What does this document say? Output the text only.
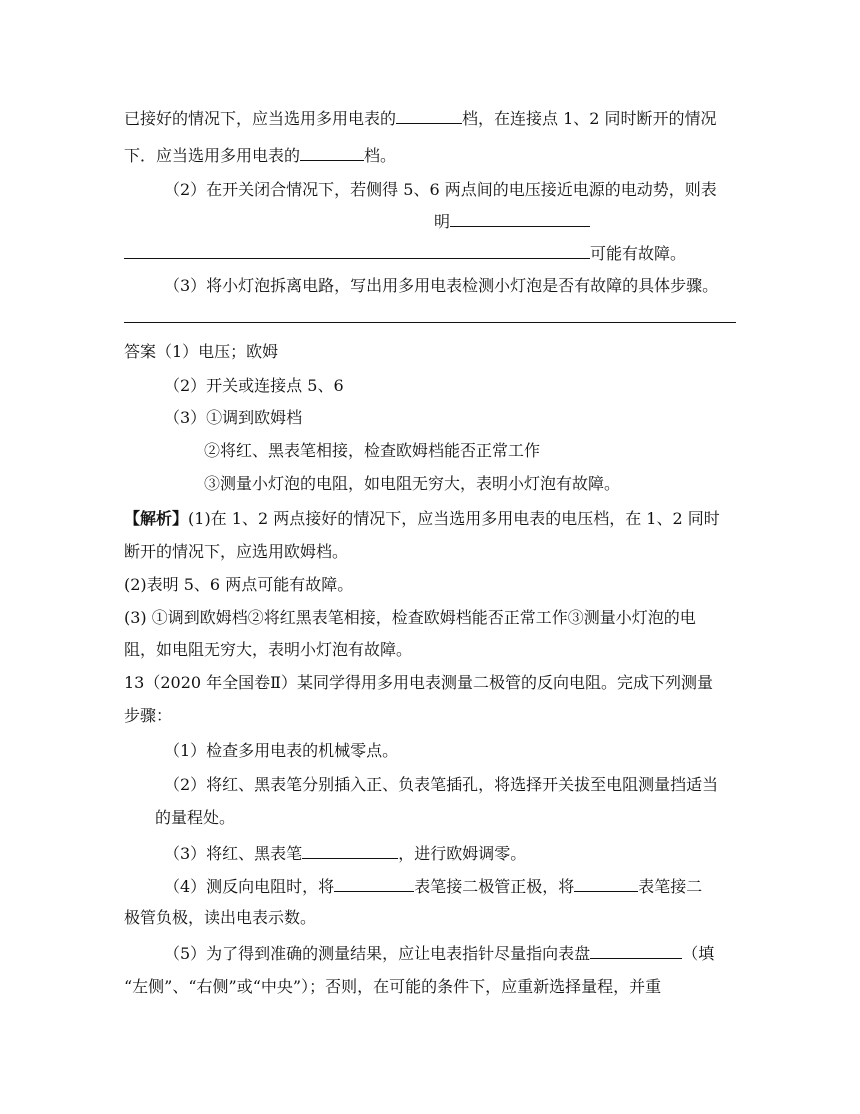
已接好的情况下，应当选用多用电表的	档，在连接点 1、2 同时断开的情况
下．应当选用多用电表的	档。
（2）在开关闭合情况下，若侧得 5、6 两点间的电压接近电源的电动势，则表
明
可能有故障。
（3）将小灯泡拆离电路，写出用多用电表检测小灯泡是否有故障的具体步骤。
答案（1）电压；欧姆
（2）开关或连接点 5、6
（3）①调到欧姆档
②将红、黑表笔相接，检查欧姆档能否正常工作
③测量小灯泡的电阻，如电阻无穷大，表明小灯泡有故障。
【解析】(1)在 1、2 两点接好的情况下，应当选用多用电表的电压档，在 1、2 同时
断开的情况下，应选用欧姆档。
(2)表明 5、6 两点可能有故障。
(3) ①调到欧姆档②将红黑表笔相接，检查欧姆档能否正常工作③测量小灯泡的电
阻，如电阻无穷大，表明小灯泡有故障。
13（2020 年全国卷Ⅱ）某同学得用多用电表测量二极管的反向电阻。完成下列测量
步骤：
（1）检查多用电表的机械零点。
（2）将红、黑表笔分别插入正、负表笔插孔，将选择开关拔至电阻测量挡适当
的量程处。
（3）将红、黑表笔	，进行欧姆调零。
（4）测反向电阻时，将	表笔接二极管正极，将	表笔接二
极管负极，读出电表示数。
（5）为了得到准确的测量结果，应让电表指针尽量指向表盘	（填
“左侧”、“右侧”或“中央”）；否则，在可能的条件下，应重新选择量程，并重
